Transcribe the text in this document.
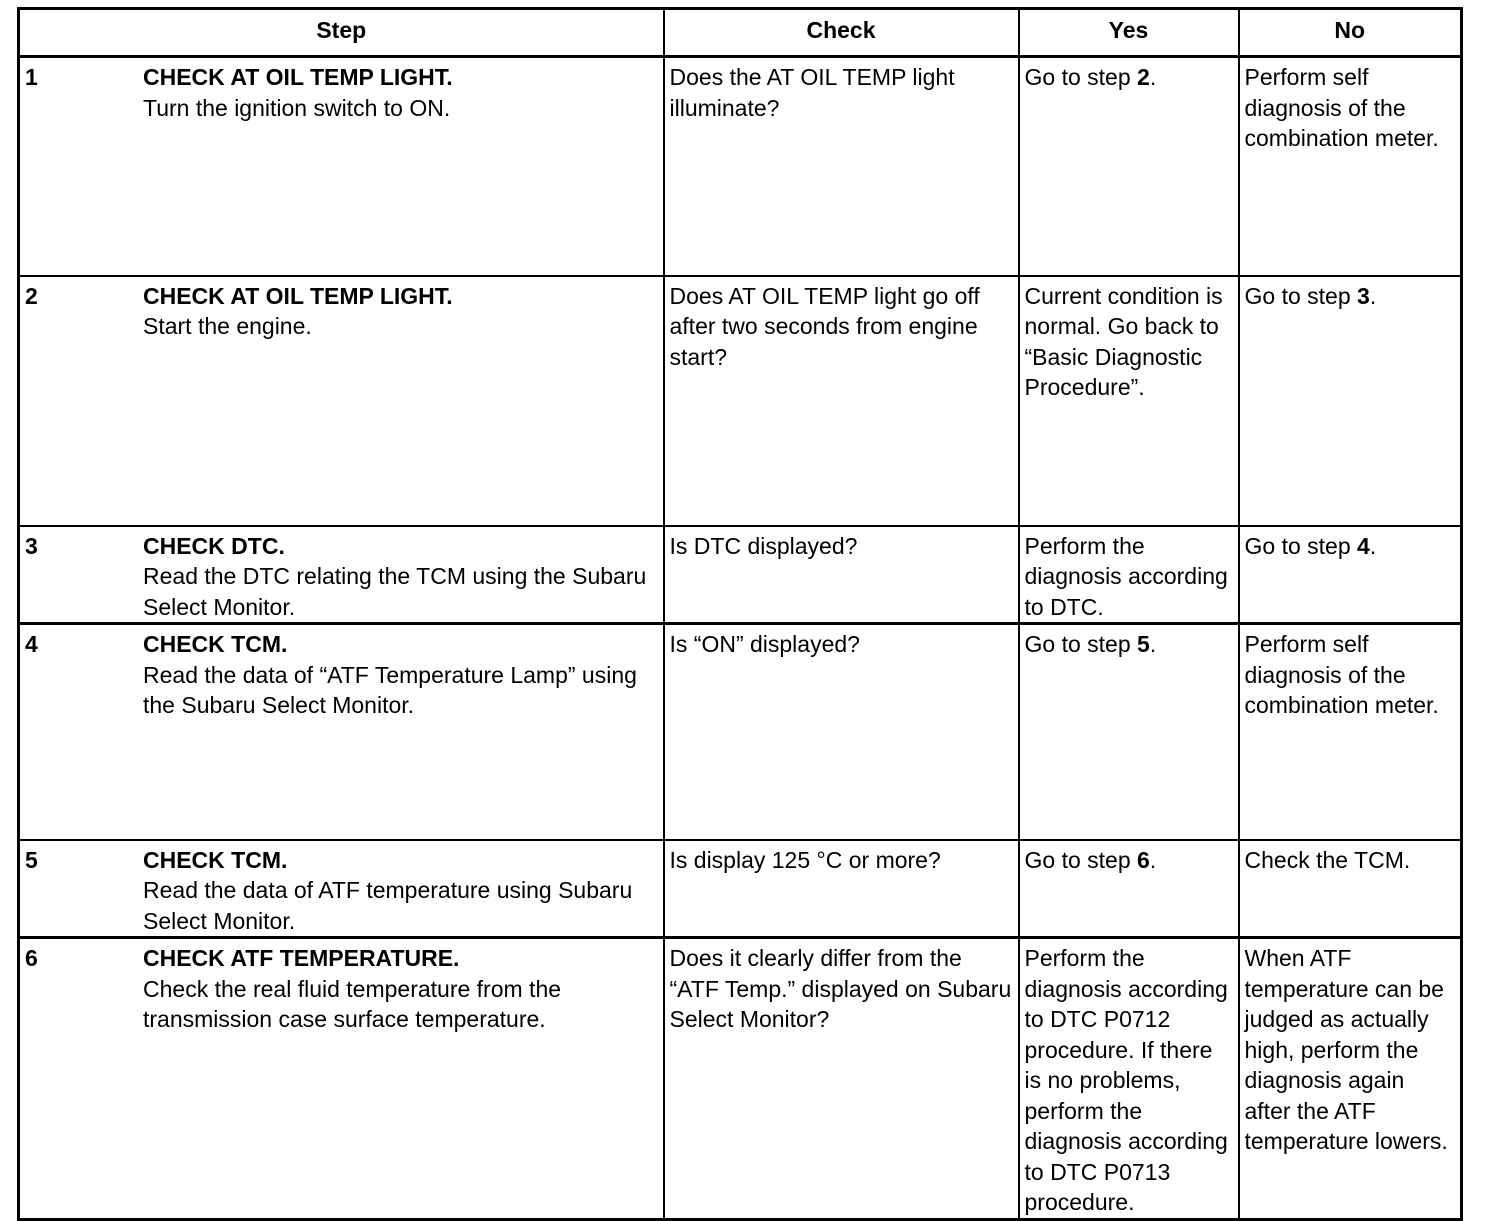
Step	Check	Yes	No

1 CHECK AT OIL TEMP LIGHT.
Turn the ignition switch to ON.	Does the AT OIL TEMP light illuminate?	Go to step 2.	Perform self diagnosis of the combination meter.

2 CHECK AT OIL TEMP LIGHT.
Start the engine.	Does AT OIL TEMP light go off after two seconds from engine start?	Current condition is normal. Go back to “Basic Diagnostic Procedure”.	Go to step 3.

3 CHECK DTC.
Read the DTC relating the TCM using the Subaru Select Monitor.	Is DTC displayed?	Perform the diagnosis according to DTC.	Go to step 4.

4 CHECK TCM.
Read the data of “ATF Temperature Lamp” using the Subaru Select Monitor.	Is “ON” displayed?	Go to step 5.	Perform self diagnosis of the combination meter.

5 CHECK TCM.
Read the data of ATF temperature using Subaru Select Monitor.	Is display 125 °C or more?	Go to step 6.	Check the TCM.

6 CHECK ATF TEMPERATURE.
Check the real fluid temperature from the transmission case surface temperature.	Does it clearly differ from the “ATF Temp.” displayed on Subaru Select Monitor?	Perform the diagnosis according to DTC P0712 procedure. If there is no problems, perform the diagnosis according to DTC P0713 procedure.	When ATF temperature can be judged as actually high, perform the diagnosis again after the ATF temperature lowers.
